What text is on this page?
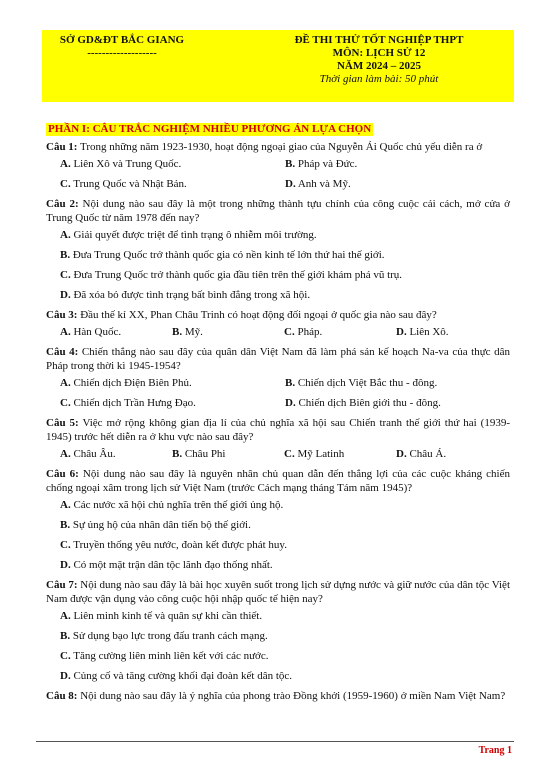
SỞ GD&ĐT BẮC GIANG
-------------------
ĐỀ THI THỬ TỐT NGHIỆP THPT
MÔN: LỊCH SỬ 12
NĂM 2024 – 2025
Thời gian làm bài: 50 phút
PHẦN I: CÂU TRẮC NGHIỆM NHIỀU PHƯƠNG ÁN LỰA CHỌN
Câu 1: Trong những năm 1923-1930, hoạt động ngoại giao của Nguyễn Ái Quốc chủ yếu diễn ra ở
A. Liên Xô và Trung Quốc.	B. Pháp và Đức.
C. Trung Quốc và Nhật Bản.	D. Anh và Mỹ.
Câu 2: Nội dung nào sau đây là một trong những thành tựu chính của công cuộc cải cách, mở cửa ở Trung Quốc từ năm 1978 đến nay?
A. Giải quyết được triệt để tình trạng ô nhiễm môi trường.
B. Đưa Trung Quốc trở thành quốc gia có nền kinh tế lớn thứ hai thế giới.
C. Đưa Trung Quốc trở thành quốc gia đầu tiên trên thế giới khám phá vũ trụ.
D. Đã xóa bỏ được tình trạng bất bình đẳng trong xã hội.
Câu 3: Đầu thế kỉ XX, Phan Châu Trinh có hoạt động đối ngoại ở quốc gia nào sau đây?
A. Hàn Quốc.	B. Mỹ.	C. Pháp.	D. Liên Xô.
Câu 4: Chiến thắng nào sau đây của quân dân Việt Nam đã làm phá sản kế hoạch Na-va của thực dân Pháp trong thời kì 1945-1954?
A. Chiến dịch Điện Biên Phủ.	B. Chiến dịch Việt Bắc thu - đông.
C. Chiến dịch Trần Hưng Đạo.	D. Chiến dịch Biên giới thu - đông.
Câu 5: Việc mở rộng không gian địa lí của chủ nghĩa xã hội sau Chiến tranh thế giới thứ hai (1939-1945) trước hết diễn ra ở khu vực nào sau đây?
A. Châu Âu.	B. Châu Phi	C. Mỹ Latinh	D. Châu Á.
Câu 6: Nội dung nào sau đây là nguyên nhân chủ quan dẫn đến thắng lợi của các cuộc kháng chiến chống ngoại xâm trong lịch sử Việt Nam (trước Cách mạng tháng Tám năm 1945)?
A. Các nước xã hội chủ nghĩa trên thế giới ủng hộ.
B. Sự ủng hộ của nhân dân tiến bộ thế giới.
C. Truyền thống yêu nước, đoàn kết được phát huy.
D. Có một mặt trận dân tộc lãnh đạo thống nhất.
Câu 7: Nội dung nào sau đây là bài học xuyên suốt trong lịch sử dựng nước và giữ nước của dân tộc Việt Nam được vận dụng vào công cuộc hội nhập quốc tế hiện nay?
A. Liên minh kinh tế và quân sự khi cần thiết.
B. Sử dụng bạo lực trong đấu tranh cách mạng.
C. Tăng cường liên minh liên kết với các nước.
D. Củng cố và tăng cường khối đại đoàn kết dân tộc.
Câu 8: Nội dung nào sau đây là ý nghĩa của phong trào Đồng khởi (1959-1960) ở miền Nam Việt Nam?
Trang 1
